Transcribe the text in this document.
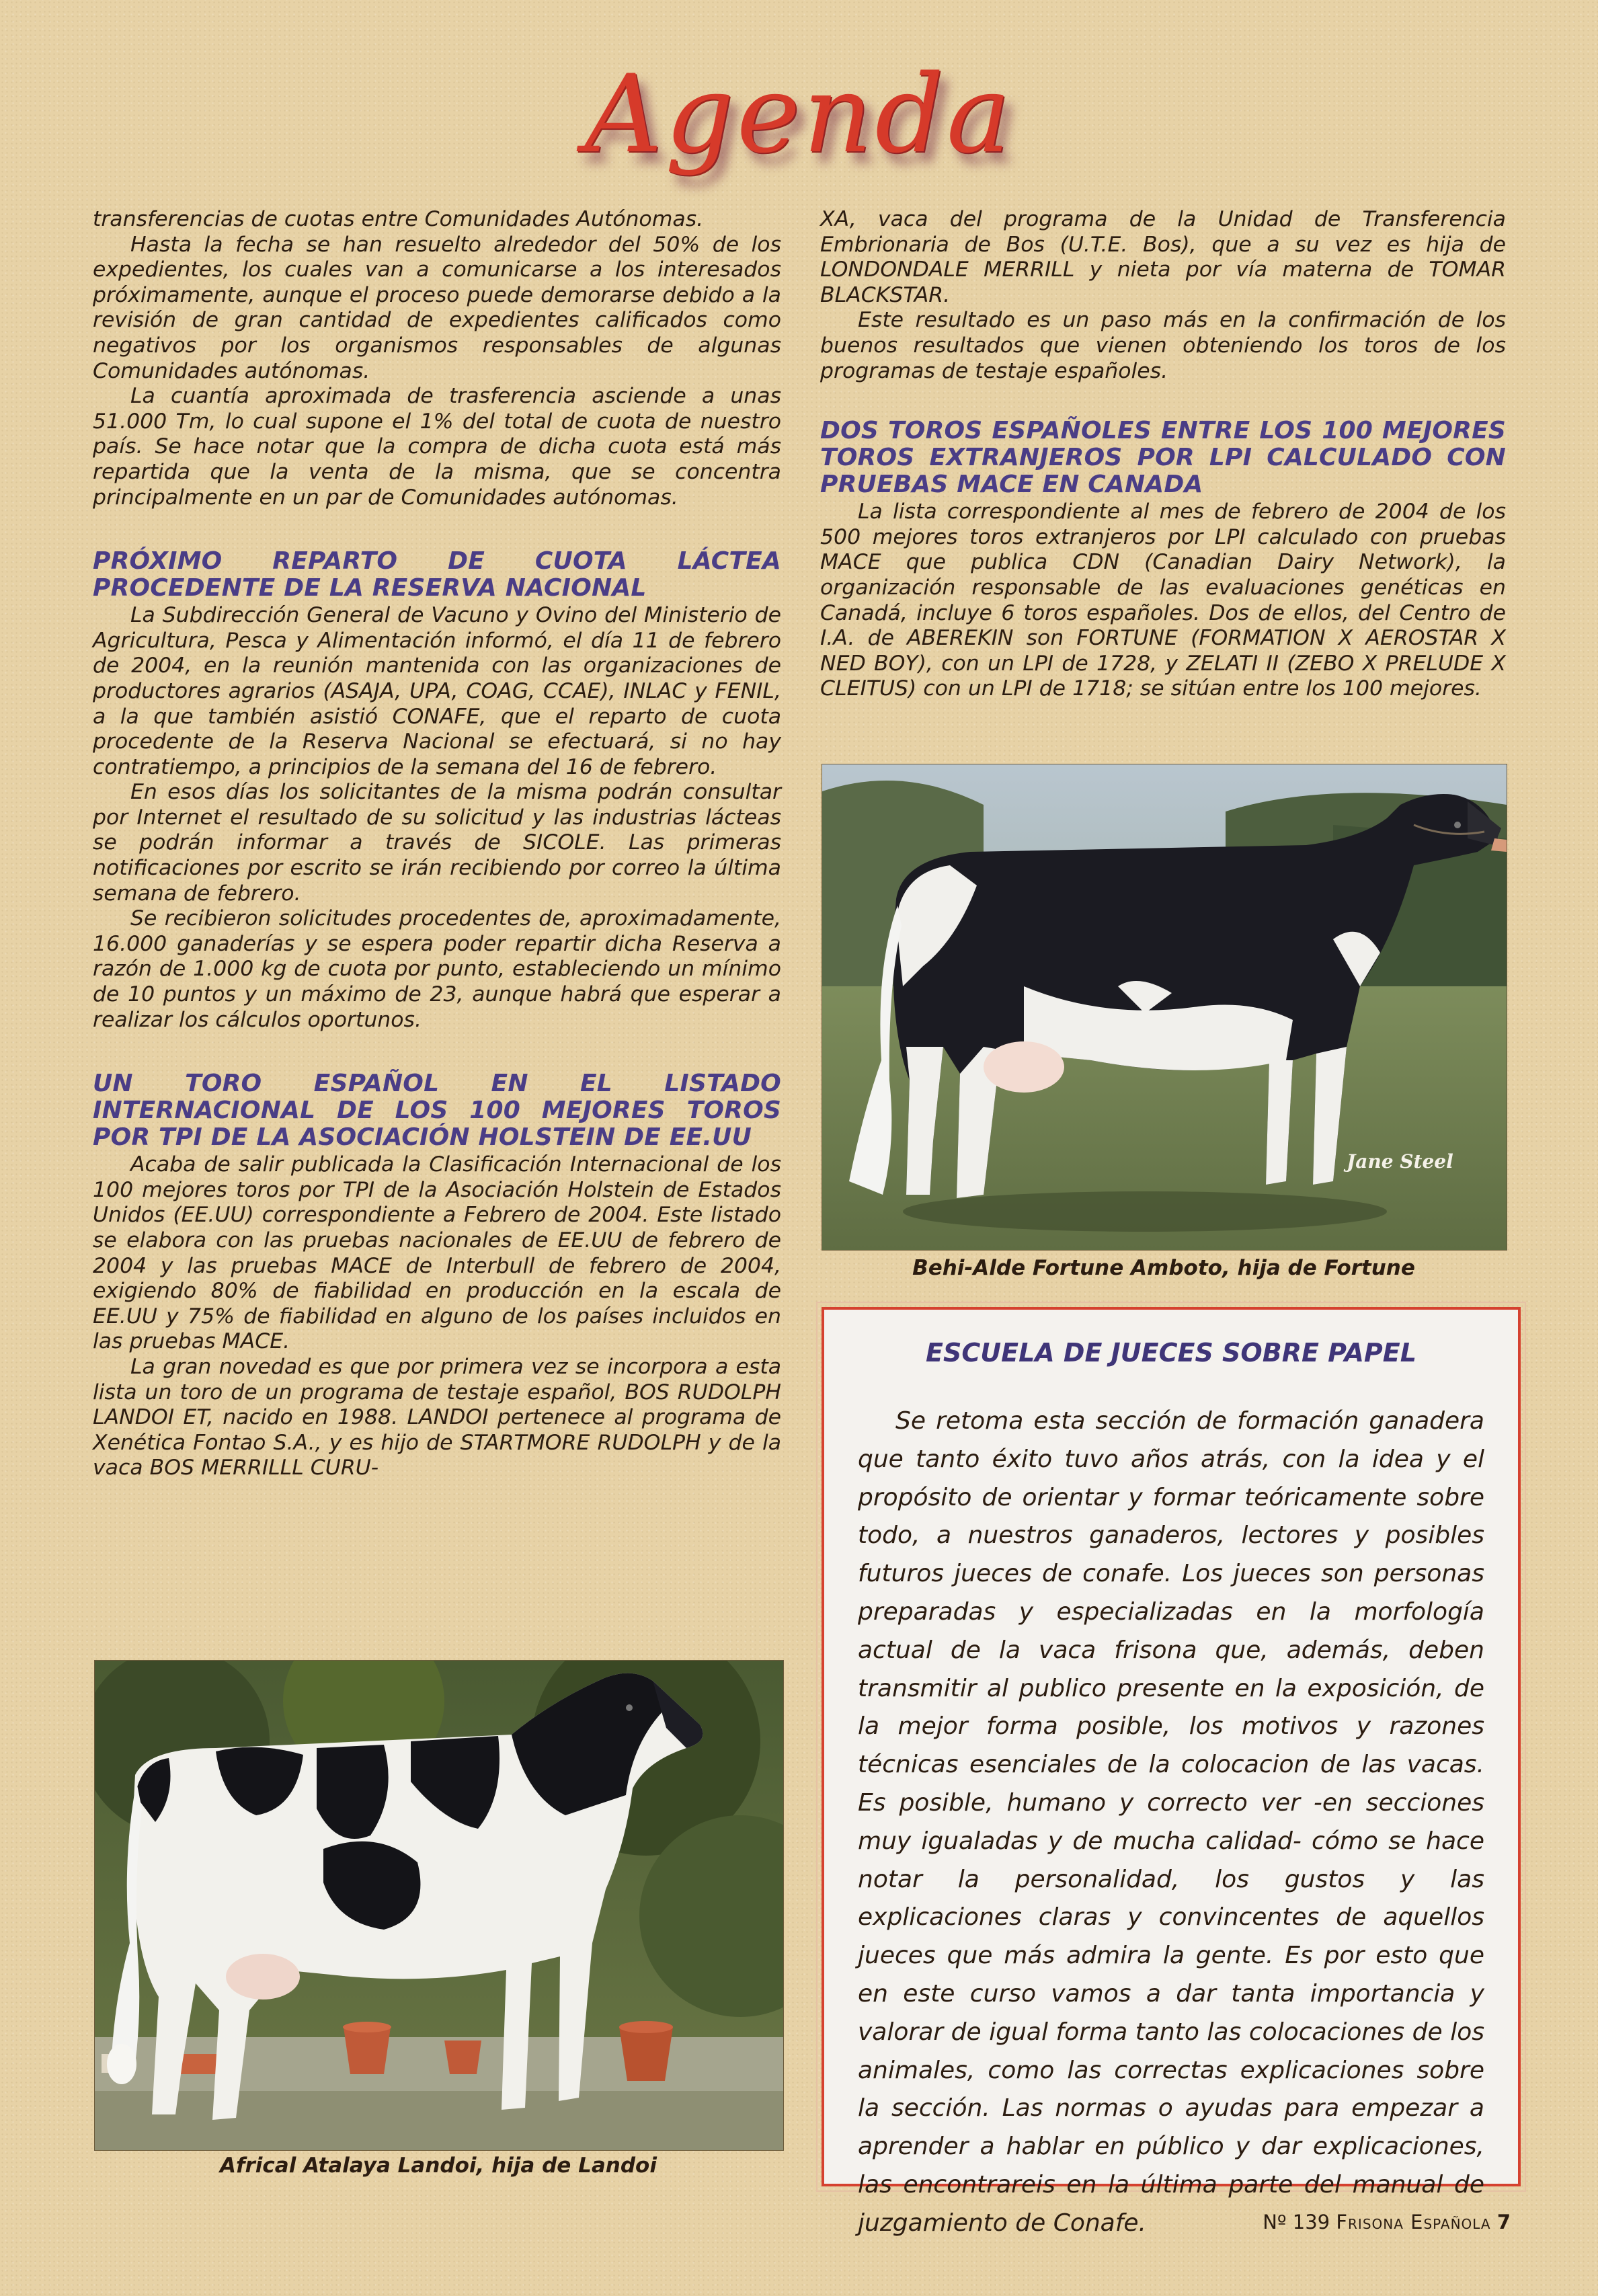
Agenda

transferencias de cuotas entre Comunidades Autónomas.

Hasta la fecha se han resuelto alrededor del 50% de los expedientes, los cuales van a comunicarse a los interesados próximamente, aunque el proceso puede demorarse debido a la revisión de gran cantidad de expedientes calificados como negativos por los organismos responsables de algunas Comunidades autónomas.

La cuantía aproximada de trasferencia asciende a unas 51.000 Tm, lo cual supone el 1% del total de cuota de nuestro país. Se hace notar que la compra de dicha cuota está más repartida que la venta de la misma, que se concentra principalmente en un par de Comunidades autónomas.

PRÓXIMO REPARTO DE CUOTA LÁCTEA PROCEDENTE DE LA RESERVA NACIONAL

La Subdirección General de Vacuno y Ovino del Ministerio de Agricultura, Pesca y Alimentación informó, el día 11 de febrero de 2004, en la reunión mantenida con las organizaciones de productores agrarios (ASAJA, UPA, COAG, CCAE), INLAC y FENIL, a la que también asistió CONAFE, que el reparto de cuota procedente de la Reserva Nacional se efectuará, si no hay contratiempo, a principios de la semana del 16 de febrero.

En esos días los solicitantes de la misma podrán consultar por Internet el resultado de su solicitud y las industrias lácteas se podrán informar a través de SICOLE. Las primeras notificaciones por escrito se irán recibiendo por correo la última semana de febrero.

Se recibieron solicitudes procedentes de, aproximadamente, 16.000 ganaderías y se espera poder repartir dicha Reserva a razón de 1.000 kg de cuota por punto, estableciendo un mínimo de 10 puntos y un máximo de 23, aunque habrá que esperar a realizar los cálculos oportunos.

UN TORO ESPAÑOL EN EL LISTADO INTERNACIONAL DE LOS 100 MEJORES TOROS POR TPI DE LA ASOCIACIÓN HOLSTEIN DE EE.UU

Acaba de salir publicada la Clasificación Internacional de los 100 mejores toros por TPI de la Asociación Holstein de Estados Unidos (EE.UU) correspondiente a Febrero de 2004. Este listado se elabora con las pruebas nacionales de EE.UU de febrero de 2004 y las pruebas MACE de Interbull de febrero de 2004, exigiendo 80% de fiabilidad en producción en la escala de EE.UU y 75% de fiabilidad en alguno de los países incluidos en las pruebas MACE.

La gran novedad es que por primera vez se incorpora a esta lista un toro de un programa de testaje español, BOS RUDOLPH LANDOI ET, nacido en 1988. LANDOI pertenece al programa de Xenética Fontao S.A., y es hijo de STARTMORE RUDOLPH y de la vaca BOS MERRILLL CURU-

XA, vaca del programa de la Unidad de Transferencia Embrionaria de Bos (U.T.E. Bos), que a su vez es hija de LONDONDALE MERRILL y nieta por vía materna de TOMAR BLACKSTAR.

Este resultado es un paso más en la confirmación de los buenos resultados que vienen obteniendo los toros de los programas de testaje españoles.

DOS TOROS ESPAÑOLES ENTRE LOS 100 MEJORES TOROS EXTRANJEROS POR LPI CALCULADO CON PRUEBAS MACE EN CANADA

La lista correspondiente al mes de febrero de 2004 de los 500 mejores toros extranjeros por LPI calculado con pruebas MACE que publica CDN (Canadian Dairy Network), la organización responsable de las evaluaciones genéticas en Canadá, incluye 6 toros españoles. Dos de ellos, del Centro de I.A. de ABEREKIN son FORTUNE (FORMATION X AEROSTAR X NED BOY), con un LPI de 1728, y ZELATI II (ZEBO X PRELUDE X CLEITUS) con un LPI de 1718; se sitúan entre los 100 mejores.

Jane Steel
Behi-Alde Fortune Amboto, hija de Fortune
Africal Atalaya Landoi, hija de Landoi
ESCUELA DE JUECES SOBRE PAPEL

Se retoma esta sección de formación ganadera que tanto éxito tuvo años atrás, con la idea y el propósito de orientar y formar teóricamente sobre todo, a nuestros ganaderos, lectores y posibles futuros jueces de conafe. Los jueces son personas preparadas y especializadas en la morfología actual de la vaca frisona que, además, deben transmitir al publico presente en la exposición, de la mejor forma posible, los motivos y razones técnicas esenciales de la colocacion de las vacas. Es posible, humano y correcto ver -en secciones muy igualadas y de mucha calidad- cómo se hace notar la personalidad, los gustos y las explicaciones claras y convincentes de aquellos jueces que más admira la gente. Es por esto que en este curso vamos a dar tanta importancia y valorar de igual forma tanto las colocaciones de los animales, como las correctas explicaciones sobre la sección. Las normas o ayudas para empezar a aprender a hablar en público y dar explicaciones, las encontrareis en la última parte del manual de juzgamiento de Conafe.	Nº 139 Frisona Española 7
